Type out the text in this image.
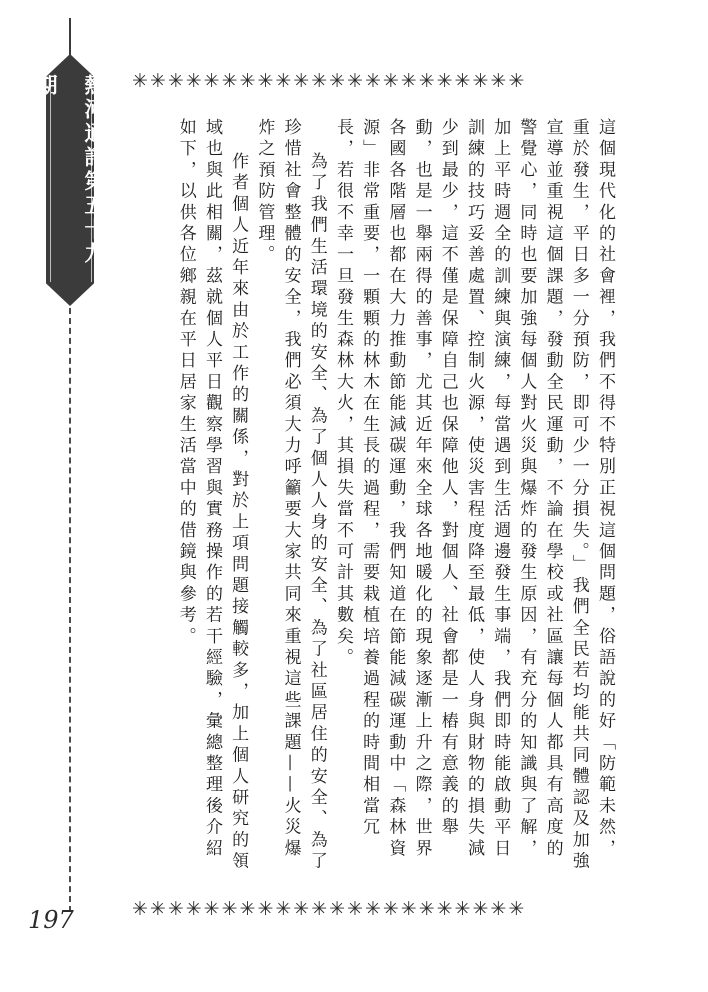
熱河通訊第五十九期	✳✳✳✳✳✳✳✳✳✳✳✳✳✳✳✳✳✳✳✳✳✳

這個現代化的社會裡，我們不得不特別正視這個問題，俗語說的好「防範未然，重於發生，平日多一分預防，即可少一分損失。」我們全民若均能共同體認及加強宣導並重視這個課題，發動全民運動，不論在學校或社區讓每個人都具有高度的警覺心，同時也要加強每個人對火災與爆炸的發生原因，有充分的知識與了解，加上平時週全的訓練與演練，每當遇到生活週邊發生事端，我們即時能啟動平日訓練的技巧妥善處置、控制火源，使災害程度降至最低，使人身與財物的損失減少到最少，這不僅是保障自己也保障他人，對個人、社會都是一樁有意義的舉動，也是一舉兩得的善事，尤其近年來全球各地暖化的現象逐漸上升之際，世界各國各階層也都在大力推動節能減碳運動，我們知道在節能減碳運動中「森林資源」非常重要，一顆顆的林木在生長的過程，需要栽植培養過程的時間相當冗長，若很不幸一旦發生森林大火，其損失當不可計其數矣。

為了我們生活環境的安全、為了個人人身的安全、為了社區居住的安全、為了珍惜社會整體的安全，我們必須大力呼籲要大家共同來重視這些課題——火災爆炸之預防管理。

作者個人近年來由於工作的關係，對於上項問題接觸較多，加上個人研究的領域也與此相關，茲就個人平日觀察學習與實務操作的若干經驗，彙總整理後介紹如下，以供各位鄉親在平日居家生活當中的借鏡與參考。

✳✳✳✳✳✳✳✳✳✳✳✳✳✳✳✳✳✳✳✳✳✳
197
